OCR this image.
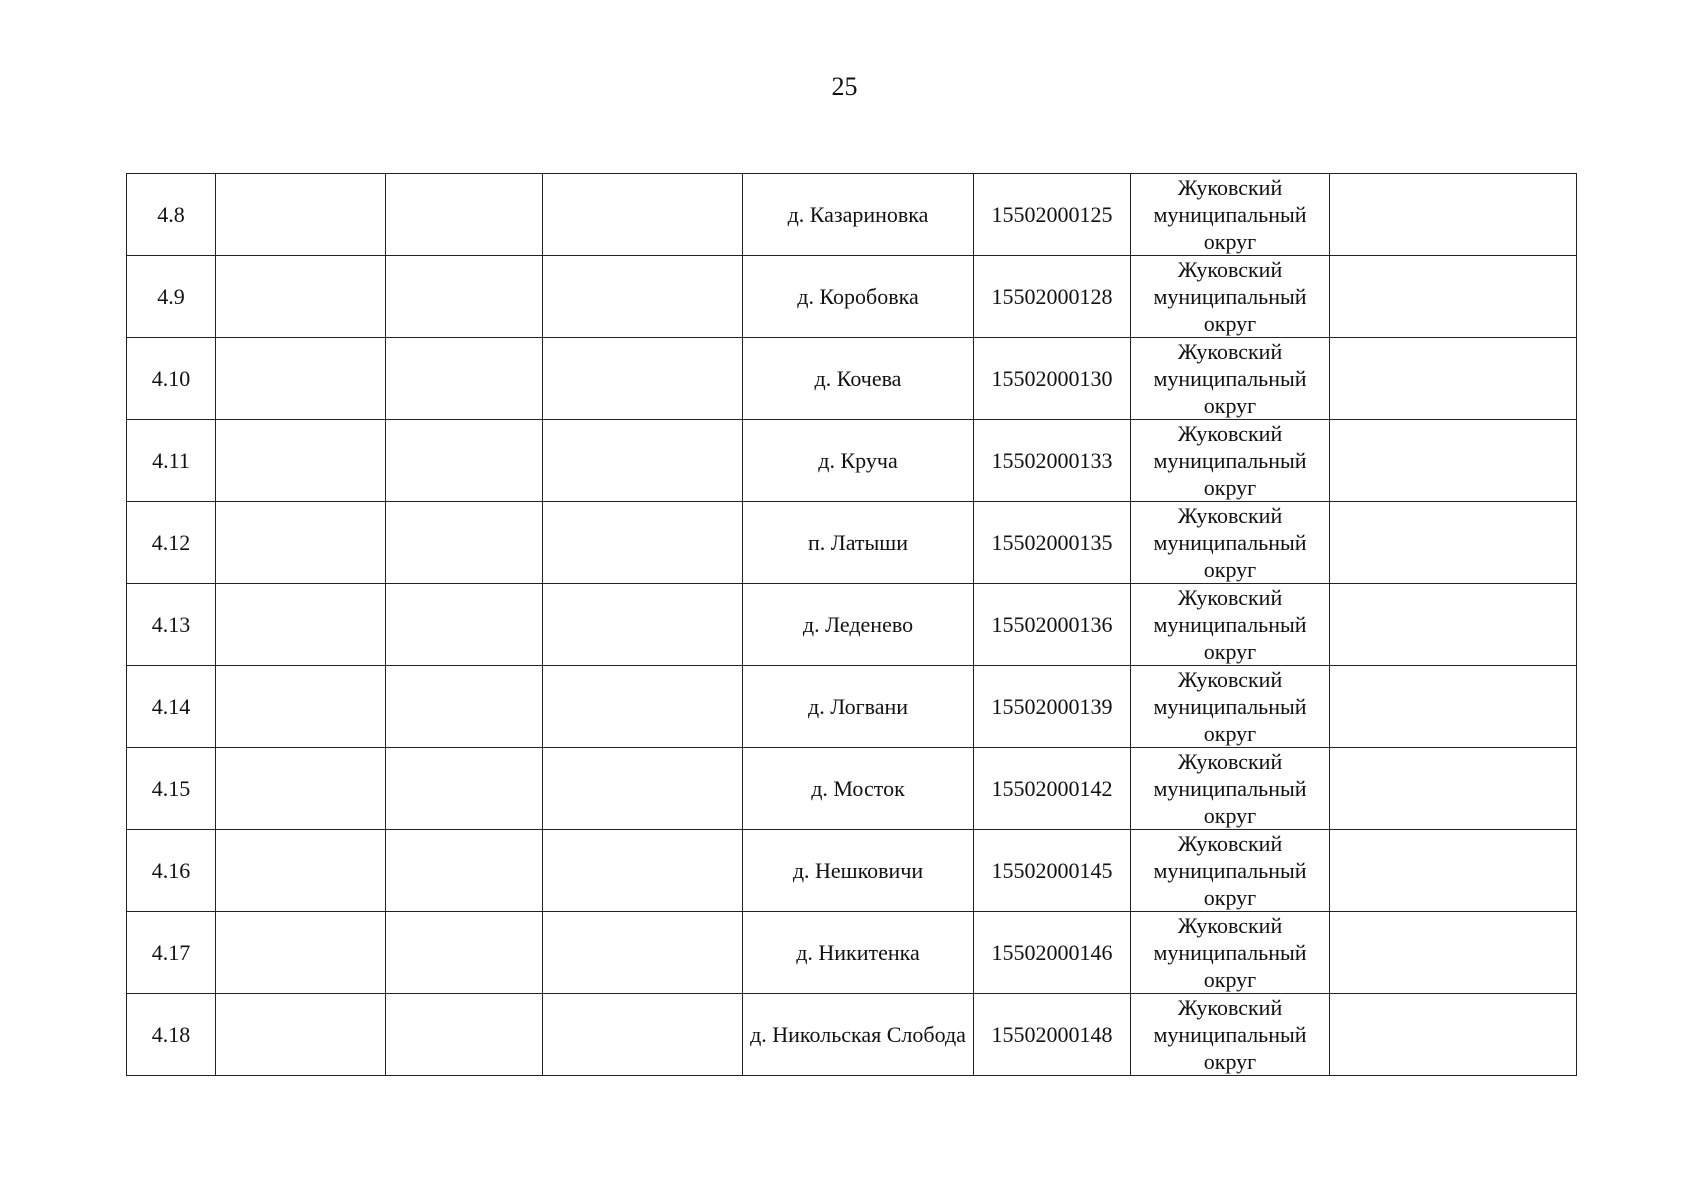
25
4.8				д. Казариновка	15502000125	Жуковский муниципальный округ	
4.9				д. Коробовка	15502000128	Жуковский муниципальный округ	
4.10				д. Кочева	15502000130	Жуковский муниципальный округ	
4.11				д. Круча	15502000133	Жуковский муниципальный округ	
4.12				п. Латыши	15502000135	Жуковский муниципальный округ	
4.13				д. Леденево	15502000136	Жуковский муниципальный округ	
4.14				д. Логвани	15502000139	Жуковский муниципальный округ	
4.15				д. Мосток	15502000142	Жуковский муниципальный округ	
4.16				д. Нешковичи	15502000145	Жуковский муниципальный округ	
4.17				д. Никитенка	15502000146	Жуковский муниципальный округ	
4.18				д. Никольская Слобода	15502000148	Жуковский муниципальный округ	
